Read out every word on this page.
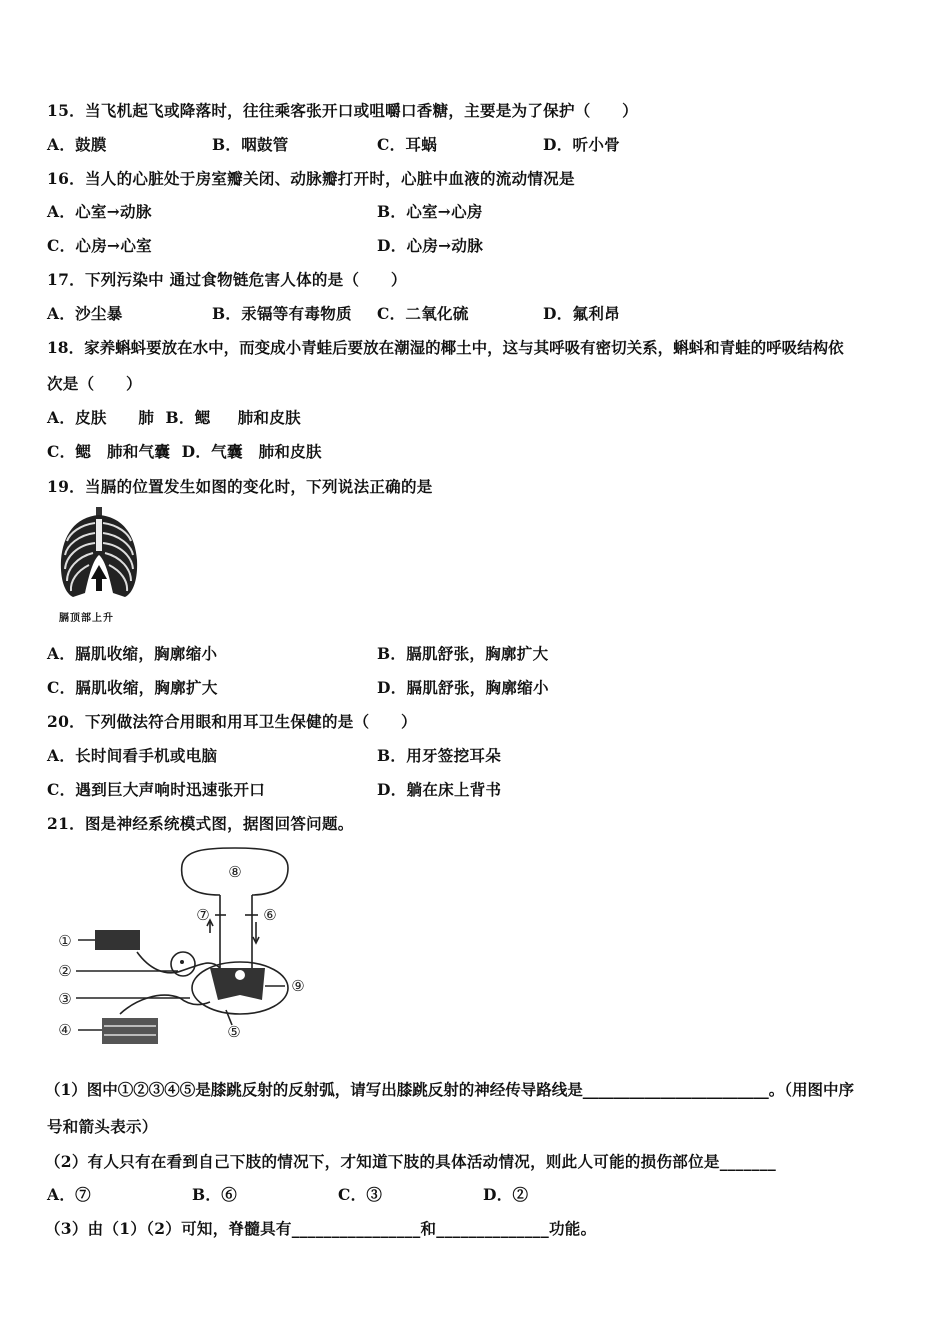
15．当飞机起飞或降落时，往往乘客张开口或咀嚼口香糖，主要是为了保护（　　）
A．鼓膜	B．咽鼓管	C．耳蜗	D．听小骨
16．当人的心脏处于房室瓣关闭、动脉瓣打开时，心脏中血液的流动情况是
A．心室→动脉	B．心室→心房
C．心房→心室	D．心房→动脉
17．下列污染中 通过食物链危害人体的是（　　）
A．沙尘暴	B．汞镉等有毒物质 C．二氧化硫	D．氟利昂
18．家养蝌蚪要放在水中，而变成小青蛙后要放在潮湿的椰土中，这与其呼吸有密切关系，蝌蚪和青蛙的呼吸结构依
次是（　　）
A．皮肤　　肺  B．鳃　  肺和皮肤
C．鳃　肺和气囊  D．气囊　肺和皮肤
19．当膈的位置发生如图的变化时，下列说法正确的是
膈顶部上升
A．膈肌收缩，胸廓缩小	B．膈肌舒张，胸廓扩大
C．膈肌收缩，胸廓扩大	D．膈肌舒张，胸廓缩小
20．下列做法符合用眼和用耳卫生保健的是（　　）
A．长时间看手机或电脑	B．用牙签挖耳朵
C．遇到巨大声响时迅速张开口	D．躺在床上背书
21．图是神经系统模式图，据图回答问题。
①
②
③
④	⑤
⑥
⑦
⑧
⑨
（1）图中①②③④⑤是膝跳反射的反射弧，请写出膝跳反射的神经传导路线是________________________。（用图中序
号和箭头表示）
（2）有人只有在看到自己下肢的情况下，才知道下肢的具体活动情况，则此人可能的损伤部位是_______
A．⑦	B．⑥	C．③	D．②
（3）由（1）（2）可知，脊髓具有________________和______________功能。
